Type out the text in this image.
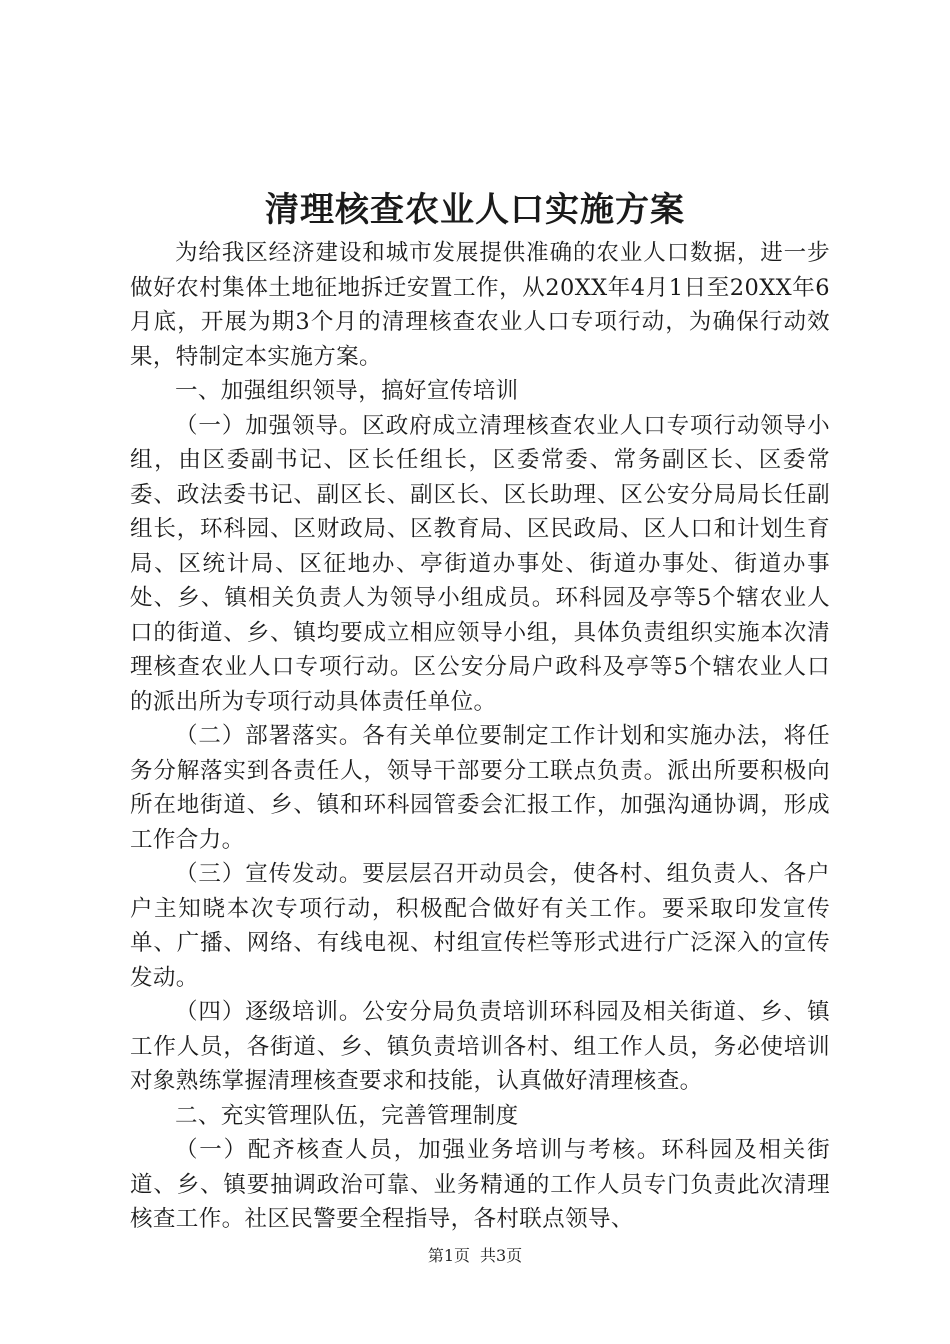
清理核查农业人口实施方案

为给我区经济建设和城市发展提供准确的农业人口数据，进一步做好农村集体土地征地拆迁安置工作，从20XX年4月1日至20XX年6月底，开展为期3个月的清理核查农业人口专项行动，为确保行动效果，特制定本实施方案。

一、加强组织领导，搞好宣传培训

（一）加强领导。区政府成立清理核查农业人口专项行动领导小组，由区委副书记、区长任组长，区委常委、常务副区长、区委常委、政法委书记、副区长、副区长、区长助理、区公安分局局长任副组长，环科园、区财政局、区教育局、区民政局、区人口和计划生育局、区统计局、区征地办、亭街道办事处、街道办事处、街道办事处、乡、镇相关负责人为领导小组成员。环科园及亭等5个辖农业人口的街道、乡、镇均要成立相应领导小组，具体负责组织实施本次清理核查农业人口专项行动。区公安分局户政科及亭等5个辖农业人口的派出所为专项行动具体责任单位。

（二）部署落实。各有关单位要制定工作计划和实施办法，将任务分解落实到各责任人，领导干部要分工联点负责。派出所要积极向所在地街道、乡、镇和环科园管委会汇报工作，加强沟通协调，形成工作合力。

（三）宣传发动。要层层召开动员会，使各村、组负责人、各户户主知晓本次专项行动，积极配合做好有关工作。要采取印发宣传单、广播、网络、有线电视、村组宣传栏等形式进行广泛深入的宣传发动。

（四）逐级培训。公安分局负责培训环科园及相关街道、乡、镇工作人员，各街道、乡、镇负责培训各村、组工作人员，务必使培训对象熟练掌握清理核查要求和技能，认真做好清理核查。

二、充实管理队伍，完善管理制度

（一）配齐核查人员，加强业务培训与考核。环科园及相关街道、乡、镇要抽调政治可靠、业务精通的工作人员专门负责此次清理核查工作。社区民警要全程指导，各村联点领导、

第1页 共3页
